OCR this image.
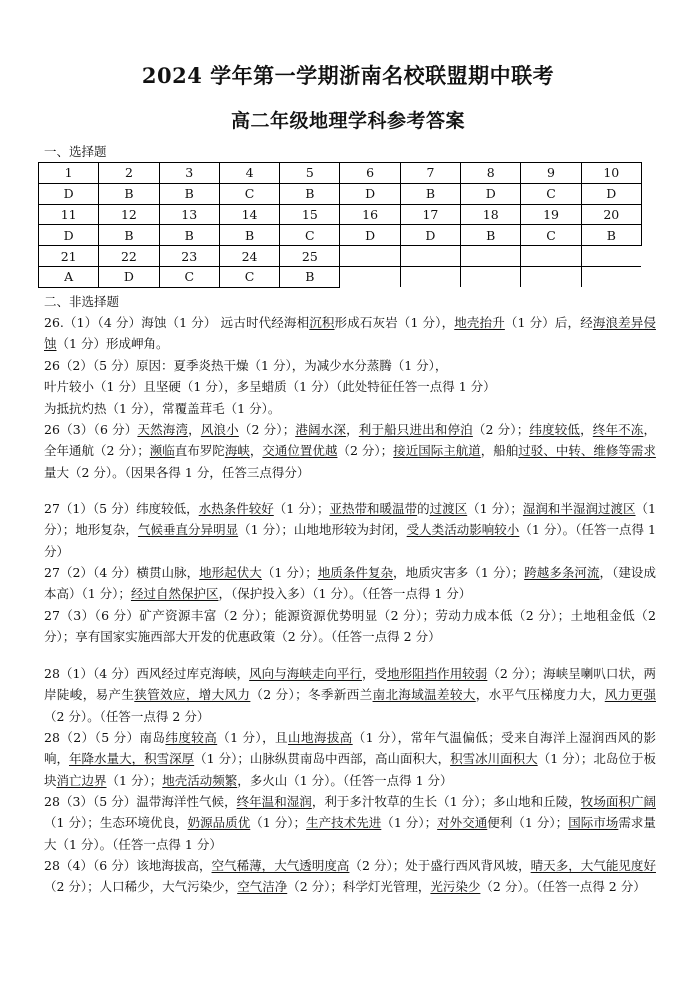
2024 学年第一学期浙南名校联盟期中联考
高二年级地理学科参考答案
一、选择题
1	2	3	4	5	6	7	8	9	10
D	B	B	C	B	D	B	D	C	D
11	12	13	14	15	16	17	18	19	20
D	B	B	B	C	D	D	B	C	B
21	22	23	24	25					
A	D	C	C	B					
二、非选择题
26.（1）（4 分）海蚀（1 分） 远古时代经海相沉积形成石灰岩（1 分），地壳抬升（1 分）后，经海浪差异侵蚀（1 分）形成岬角。
26（2）（5 分）原因：夏季炎热干燥（1 分），为减少水分蒸腾（1 分），
叶片较小（1 分）且坚硬（1 分），多呈蜡质（1 分）（此处特征任答一点得 1 分）
为抵抗灼热（1 分），常覆盖茸毛（1 分）。
26（3）（6 分）天然海湾，风浪小（2 分）；港阔水深，利于船只进出和停泊（2 分）；纬度较低，终年不冻，全年通航（2 分）；濒临直布罗陀海峡，交通位置优越（2 分）；接近国际主航道，船舶过驳、中转、维修等需求量大（2 分）。（因果各得 1 分，任答三点得分）
27（1）（5 分）纬度较低，水热条件较好（1 分）；亚热带和暖温带的过渡区（1 分）；湿润和半湿润过渡区（1 分）；地形复杂，气候垂直分异明显（1 分）；山地地形较为封闭，受人类活动影响较小（1 分）。（任答一点得 1 分）
27（2）（4 分）横贯山脉，地形起伏大（1 分）；地质条件复杂，地质灾害多（1 分）；跨越多条河流，（建设成本高）（1 分）；经过自然保护区，（保护投入多）（1 分）。（任答一点得 1 分）
27（3）（6 分）矿产资源丰富（2 分）；能源资源优势明显（2 分）；劳动力成本低（2 分）；土地租金低（2 分）；享有国家实施西部大开发的优惠政策（2 分）。（任答一点得 2 分）
28（1）（4 分）西风经过库克海峡，风向与海峡走向平行，受地形阻挡作用较弱（2 分）；海峡呈喇叭口状，两岸陡峻，易产生狭管效应，增大风力（2 分）；冬季新西兰南北海域温差较大，水平气压梯度力大，风力更强（2 分）。（任答一点得 2 分）
28（2）（5 分）南岛纬度较高（1 分），且山地海拔高（1 分），常年气温偏低；受来自海洋上湿润西风的影响，年降水量大，积雪深厚（1 分）；山脉纵贯南岛中西部，高山面积大，积雪冰川面积大（1 分）；北岛位于板块消亡边界（1 分）；地壳活动频繁，多火山（1 分）。（任答一点得 1 分）
28（3）（5 分）温带海洋性气候，终年温和湿润，利于多汁牧草的生长（1 分）；多山地和丘陵，牧场面积广阔（1 分）；生态环境优良，奶源品质优（1 分）；生产技术先进（1 分）；对外交通便利（1 分）；国际市场需求量大（1 分）。（任答一点得 1 分）
28（4）（6 分）该地海拔高，空气稀薄，大气透明度高（2 分）；处于盛行西风背风坡，晴天多，大气能见度好（2 分）；人口稀少，大气污染少，空气洁净（2 分）；科学灯光管理，光污染少（2 分）。（任答一点得 2 分）
